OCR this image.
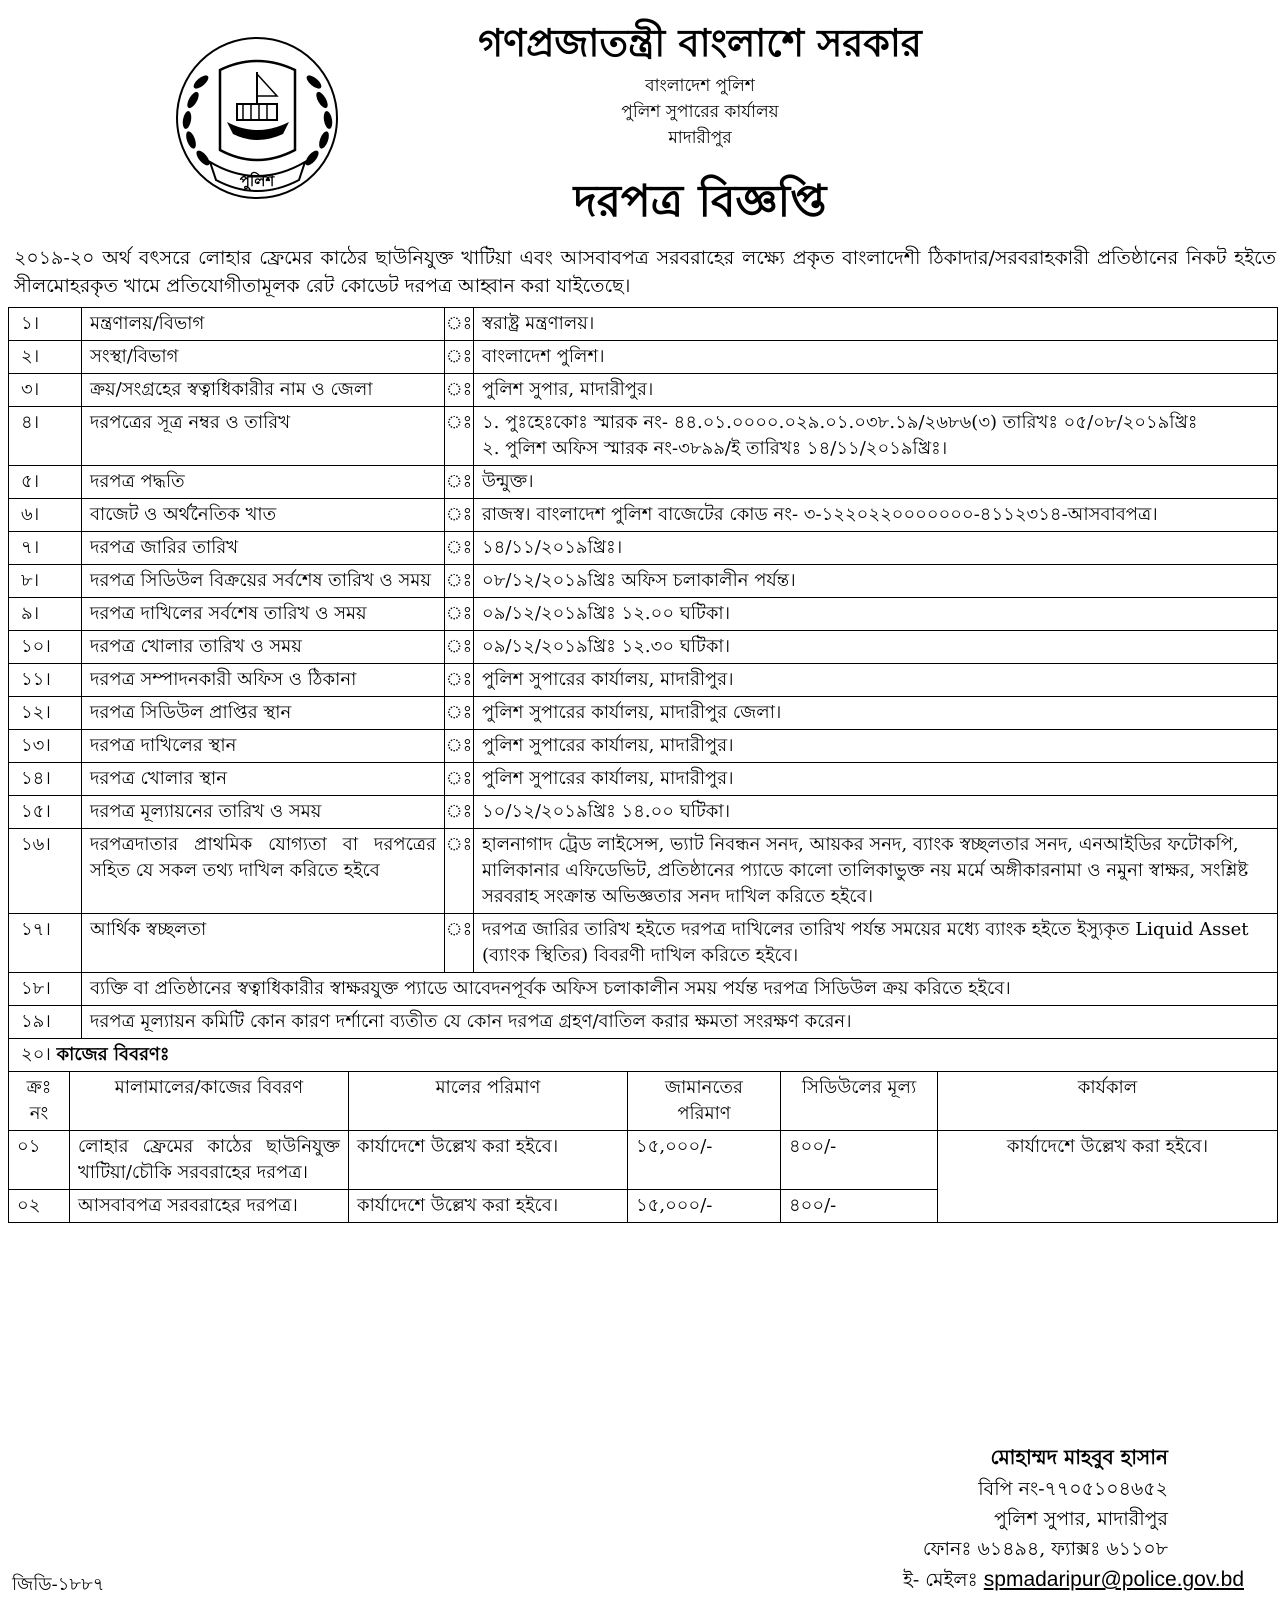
পুলিশ
গণপ্রজাতন্ত্রী বাংলাশে সরকার
বাংলাদেশ পুলিশ
পুলিশ সুপারের কার্যালয়
মাদারীপুর
দরপত্র বিজ্ঞপ্তি
২০১৯-২০ অর্থ বৎসরে লোহার ফ্রেমের কাঠের ছাউনিযুক্ত খাটিয়া এবং আসবাবপত্র সরবরাহের লক্ষ্যে প্রকৃত বাংলাদেশী ঠিকাদার/সরবরাহকারী প্রতিষ্ঠানের নিকট হইতে সীলমোহরকৃত খামে প্রতিযোগীতামূলক রেট কোডেট দরপত্র আহ্বান করা যাইতেছে।
১।	মন্ত্রণালয়/বিভাগ	ঃ	স্বরাষ্ট্র মন্ত্রণালয়।

২।	সংস্থা/বিভাগ	ঃ	বাংলাদেশ পুলিশ।

৩।	ক্রয়/সংগ্রহের স্বত্বাধিকারীর নাম ও জেলা	ঃ	পুলিশ সুপার, মাদারীপুর।

৪।	দরপত্রের সূত্র নম্বর ও তারিখ	ঃ	১. পুঃহেঃকোঃ স্মারক নং- ৪৪.০১.০০০০.০২৯.০১.০৩৮.১৯/২৬৮৬(৩) তারিখঃ ০৫/০৮/২০১৯খ্রিঃ
২. পুলিশ অফিস স্মারক নং-৩৮৯৯/ই তারিখঃ ১৪/১১/২০১৯খ্রিঃ।

৫।	দরপত্র পদ্ধতি	ঃ	উন্মুক্ত।

৬।	বাজেট ও অর্থনৈতিক খাত	ঃ	রাজস্ব। বাংলাদেশ পুলিশ বাজেটের কোড নং- ৩-১২২০২২০০০০০০০-৪১১২৩১৪-আসবাবপত্র।

৭।	দরপত্র জারির তারিখ	ঃ	১৪/১১/২০১৯খ্রিঃ।

৮।	দরপত্র সিডিউল বিক্রয়ের সর্বশেষ তারিখ ও সময়	ঃ	০৮/১২/২০১৯খ্রিঃ অফিস চলাকালীন পর্যন্ত।

৯।	দরপত্র দাখিলের সর্বশেষ তারিখ ও সময়	ঃ	০৯/১২/২০১৯খ্রিঃ ১২.০০ ঘটিকা।

১০।	দরপত্র খোলার তারিখ ও সময়	ঃ	০৯/১২/২০১৯খ্রিঃ ১২.৩০ ঘটিকা।

১১।	দরপত্র সম্পাদনকারী অফিস ও ঠিকানা	ঃ	পুলিশ সুপারের কার্যালয়, মাদারীপুর।

১২।	দরপত্র সিডিউল প্রাপ্তির স্থান	ঃ	পুলিশ সুপারের কার্যালয়, মাদারীপুর জেলা।

১৩।	দরপত্র দাখিলের স্থান	ঃ	পুলিশ সুপারের কার্যালয়, মাদারীপুর।

১৪।	দরপত্র খোলার স্থান	ঃ	পুলিশ সুপারের কার্যালয়, মাদারীপুর।

১৫।	দরপত্র মূল্যায়নের তারিখ ও সময়	ঃ	১০/১২/২০১৯খ্রিঃ ১৪.০০ ঘটিকা।

১৬।	দরপত্রদাতার প্রাথমিক যোগ্যতা বা দরপত্রের সহিত যে সকল তথ্য দাখিল করিতে হইবে	ঃ	হালনাগাদ ট্রেড লাইসেন্স, ভ্যাট নিবন্ধন সনদ, আয়কর সনদ, ব্যাংক স্বচ্ছলতার সনদ, এনআইডির ফটোকপি, মালিকানার এফিডেভিট, প্রতিষ্ঠানের প্যাডে কালো তালিকাভুক্ত নয় মর্মে অঙ্গীকারনামা ও নমুনা স্বাক্ষর, সংশ্লিষ্ট সরবরাহ সংক্রান্ত অভিজ্ঞতার সনদ দাখিল করিতে হইবে।

১৭।	আর্থিক স্বচ্ছলতা	ঃ	দরপত্র জারির তারিখ হইতে দরপত্র দাখিলের তারিখ পর্যন্ত সময়ের মধ্যে ব্যাংক হইতে ইস্যুকৃত Liquid Asset (ব্যাংক স্থিতির) বিবরণী দাখিল করিতে হইবে।

১৮।	ব্যক্তি বা প্রতিষ্ঠানের স্বত্বাধিকারীর স্বাক্ষরযুক্ত প্যাডে আবেদনপূর্বক অফিস চলাকালীন সময় পর্যন্ত দরপত্র সিডিউল ক্রয় করিতে হইবে।		
১৯।	দরপত্র মূল্যায়ন কমিটি কোন কারণ দর্শানো ব্যতীত যে কোন দরপত্র গ্রহণ/বাতিল করার ক্ষমতা সংরক্ষণ করেন।		
২০। কাজের বিবরণঃ			
ক্রঃ নং	মালামালের/কাজের বিবরণ	মালের পরিমাণ	জামানতের পরিমাণ	সিডিউলের মূল্য	কার্যকাল
০১	লোহার ফ্রেমের কাঠের ছাউনিযুক্ত খাটিয়া/চৌকি সরবরাহের দরপত্র।	কার্যাদেশে উল্লেখ করা হইবে।	১৫,০০০/-	৪০০/-	কার্যাদেশে উল্লেখ করা হইবে।
০২	আসবাবপত্র সরবরাহের দরপত্র।	কার্যাদেশে উল্লেখ করা হইবে।	১৫,০০০/-	৪০০/-	
মোহাম্মদ মাহবুব হাসান
বিপি নং-৭৭০৫১০৪৬৫২
পুলিশ সুপার, মাদারীপুর
ফোনঃ ৬১৪৯৪, ফ্যাক্সঃ ৬১১০৮
ই- মেইলঃ spmadaripur@police.gov.bd
জিডি-১৮৮৭
